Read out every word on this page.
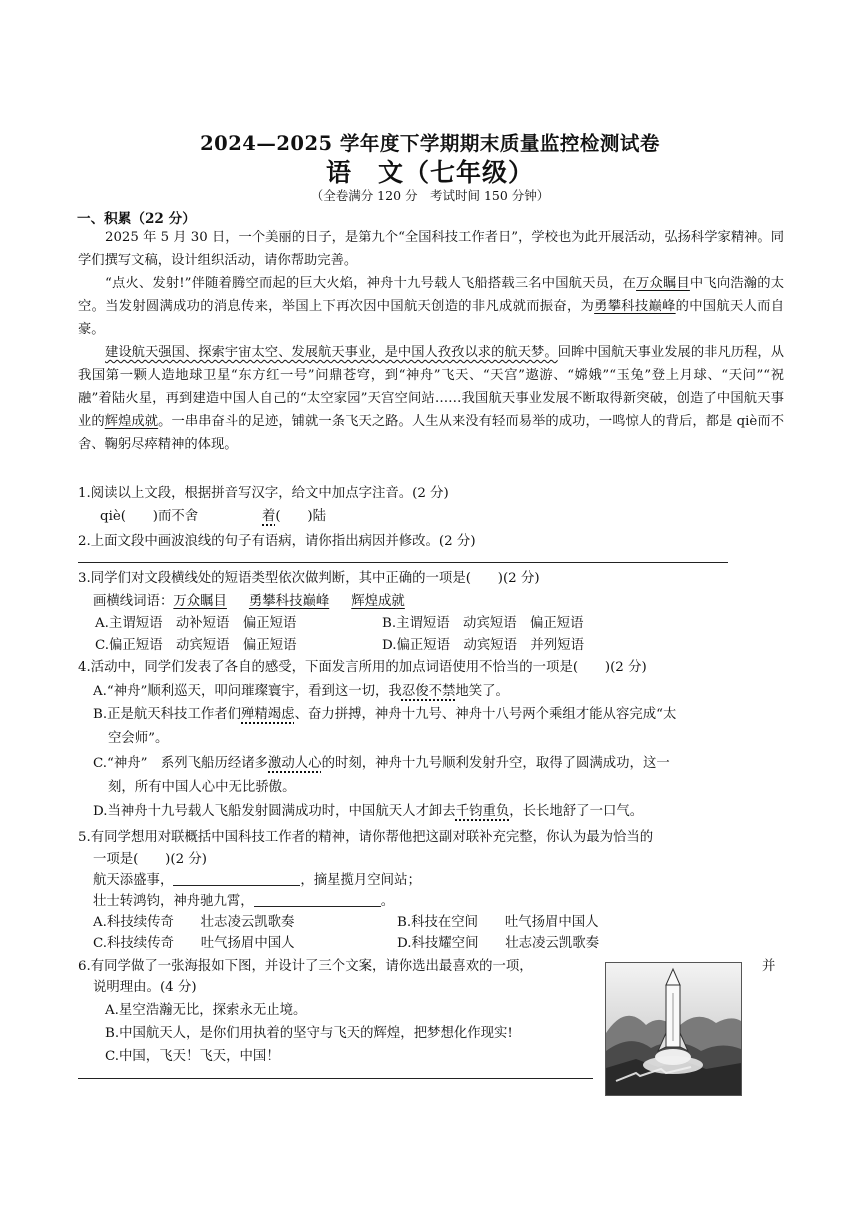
2024—2025 学年度下学期期末质量监控检测试卷
语　文（七年级）
（全卷满分 120 分　考试时间 150 分钟）
一、积累（22 分）
2025 年 5 月 30 日，一个美丽的日子，是第九个“全国科技工作者日”，学校也为此开展活动，弘扬科学家精神。同学们撰写文稿，设计组织活动，请你帮助完善。
“点火、发射!”伴随着腾空而起的巨大火焰，神舟十九号载人飞船搭载三名中国航天员，在万众瞩目中飞向浩瀚的太空。当发射圆满成功的消息传来，举国上下再次因中国航天创造的非凡成就而振奋，为勇攀科技巅峰的中国航天人而自豪。
建设航天强国、探索宇宙太空、发展航天事业，是中国人孜孜以求的航天梦。回眸中国航天事业发展的非凡历程，从我国第一颗人造地球卫星“东方红一号”问鼎苍穹，到“神舟”飞天、“天宫”遨游、“嫦娥”“玉兔”登上月球、“天问”“祝融”着陆火星，再到建造中国人自己的“太空家园”天宫空间站……我国航天事业发展不断取得新突破，创造了中国航天事业的辉煌成就。一串串奋斗的足迹，铺就一条飞天之路。人生从来没有轻而易举的成功，一鸣惊人的背后，都是 qiè而不舍、鞠躬尽瘁精神的体现。
1.阅读以上文段，根据拼音写汉字，给文中加点字注音。(2 分)
qiè(　　)而不舍	着(　　)陆
2.上面文段中画波浪线的句子有语病，请你指出病因并修改。(2 分)
3.同学们对文段横线处的短语类型依次做判断，其中正确的一项是(　　)(2 分)
画横线词语：万众瞩目 勇攀科技巅峰 辉煌成就
A.主谓短语　动补短语　偏正短语	B.主谓短语　动宾短语　偏正短语
C.偏正短语　动宾短语　偏正短语	D.偏正短语　动宾短语　并列短语
4.活动中，同学们发表了各自的感受，下面发言所用的加点词语使用不恰当的一项是(　　)(2 分)
A.“神舟”顺利巡天，叩问璀璨寰宇，看到这一切，我忍俊不禁地笑了。
B.正是航天科技工作者们殚精竭虑、奋力拼搏，神舟十九号、神舟十八号两个乘组才能从容完成“太
空会师”。
C.“神舟”　系列飞船历经诸多激动人心的时刻，神舟十九号顺利发射升空，取得了圆满成功，这一
刻，所有中国人心中无比骄傲。
D.当神舟十九号载人飞船发射圆满成功时，中国航天人才卸去千钧重负，长长地舒了一口气。
5.有同学想用对联概括中国科技工作者的精神，请你帮他把这副对联补充完整，你认为最为恰当的
一项是(　　)(2 分)
航天添盛事，	，摘星揽月空间站；
壮士转鸿钧，神舟驰九霄，	。
A.科技续传奇　　壮志凌云凯歌奏	B.科技在空间　　吐气扬眉中国人
C.科技续传奇　　吐气扬眉中国人	D.科技耀空间　　壮志凌云凯歌奏
6.有同学做了一张海报如下图，并设计了三个文案，请你选出最喜欢的一项，	并
说明理由。(4 分)
A.星空浩瀚无比，探索永无止境。
B.中国航天人，是你们用执着的坚守与飞天的辉煌，把梦想化作现实!
C.中国，飞天！飞天，中国！
